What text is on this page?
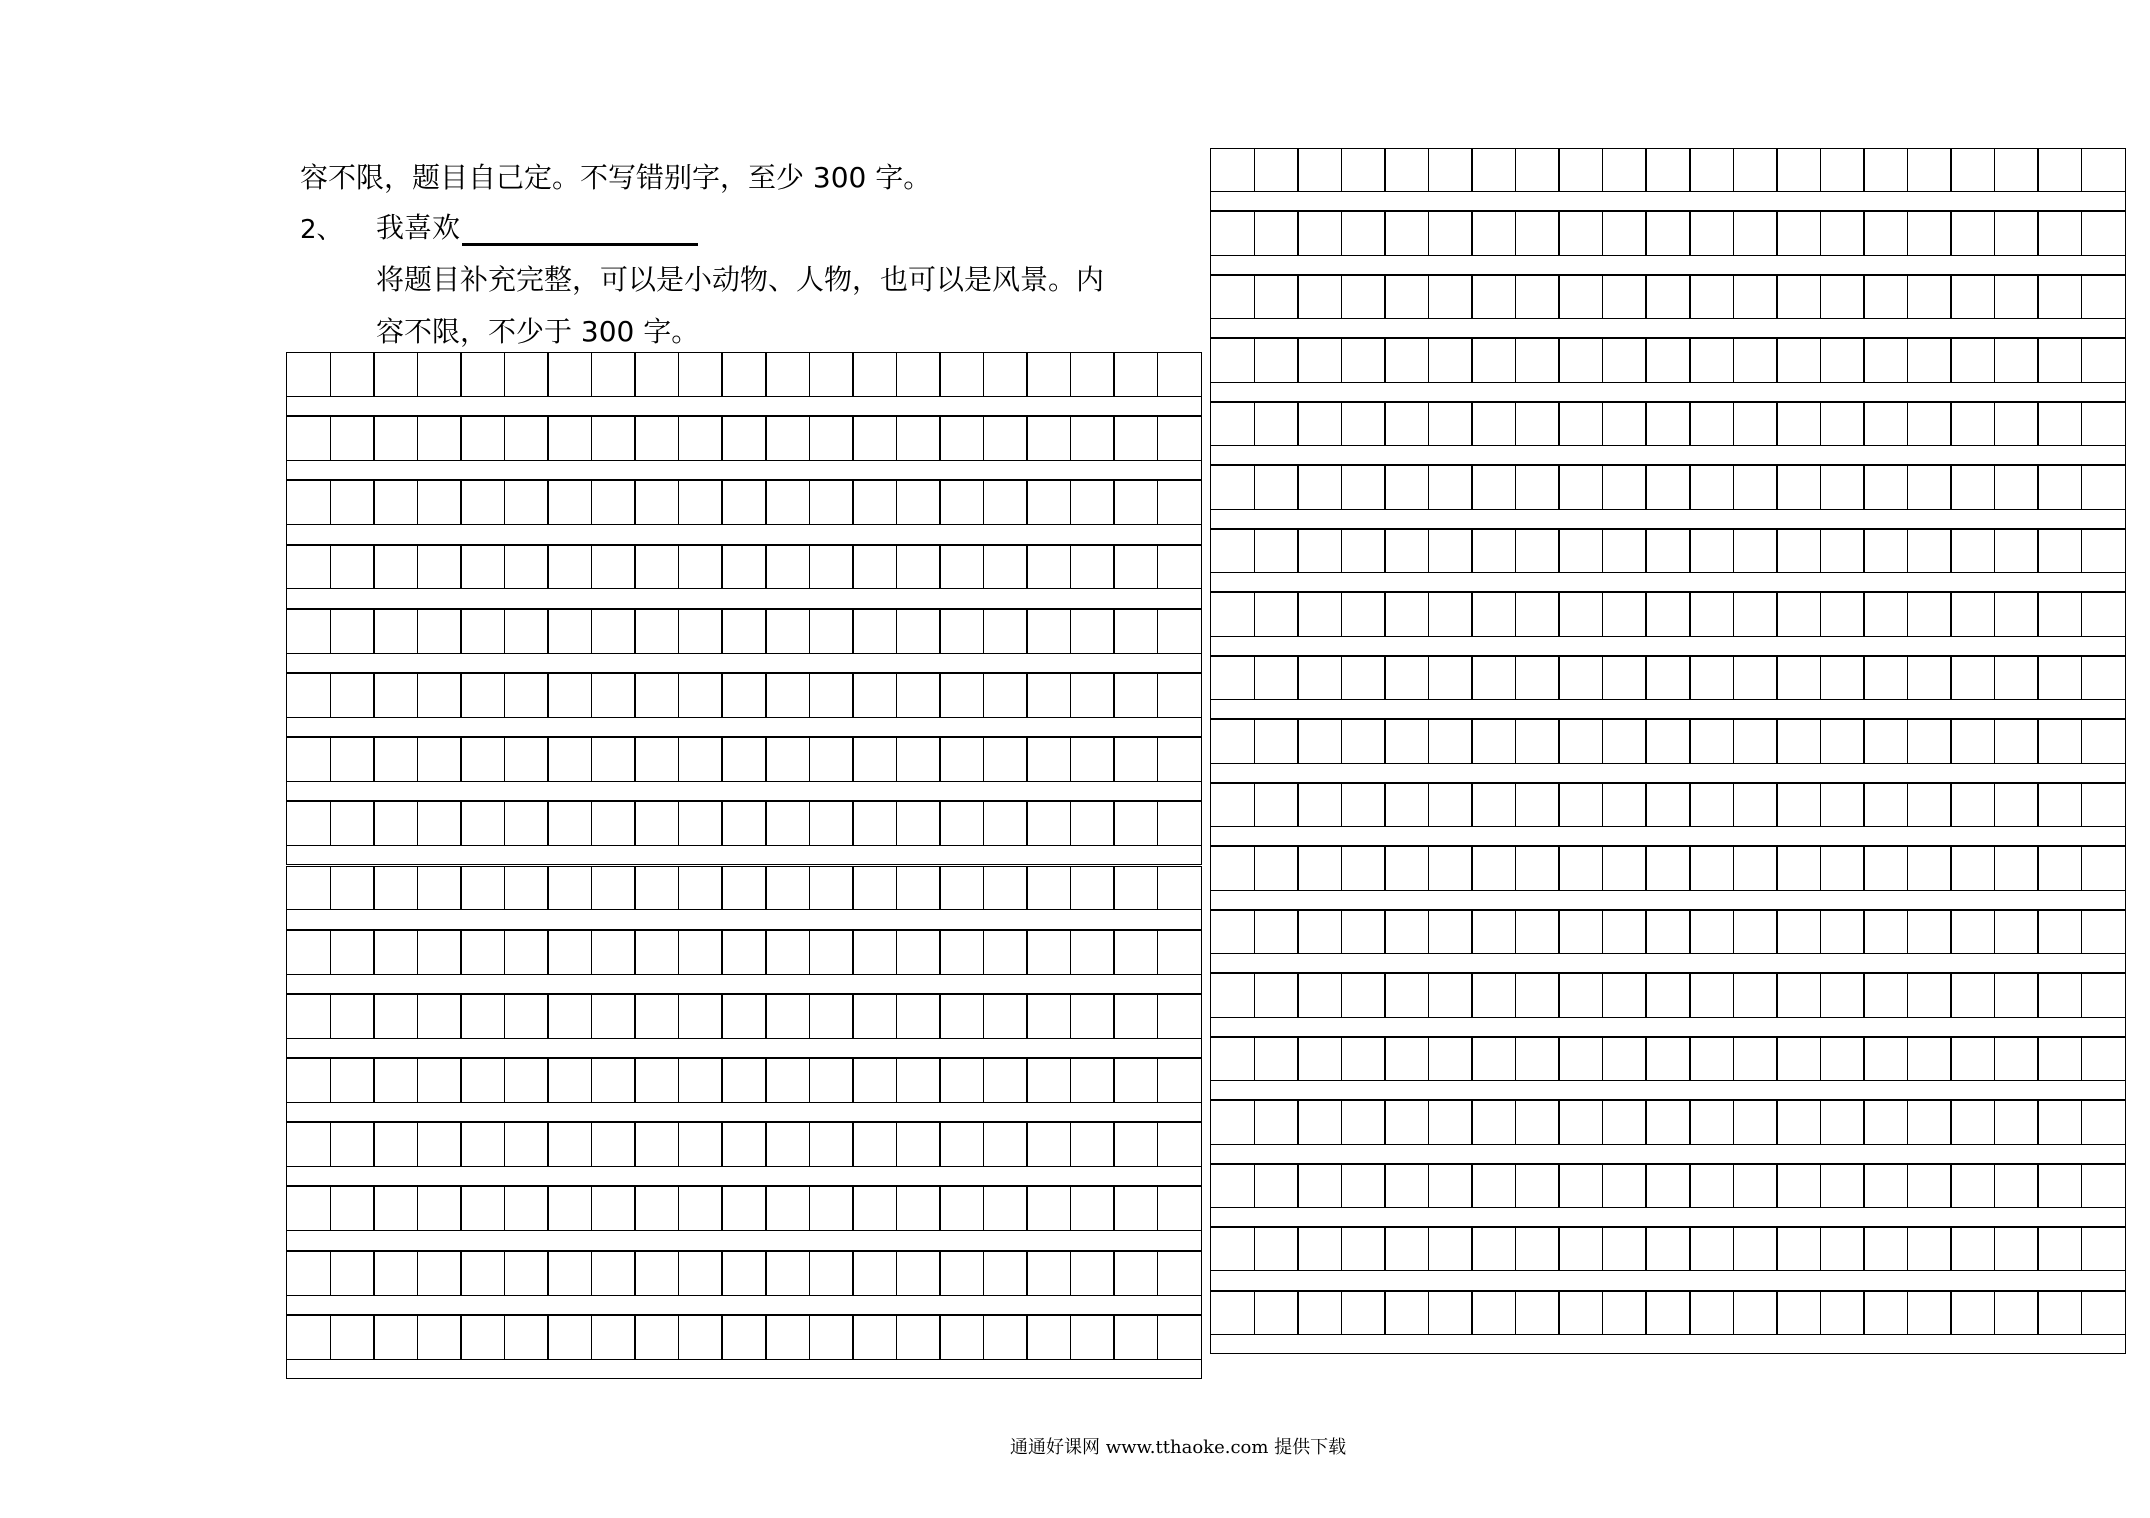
容不限，题目自己定。不写错别字，至少 300 字。
2、 我喜欢
将题目补充完整，可以是小动物、人物，也可以是风景。内
容不限，不少于 300 字。
通通好课网 www.tthaoke.com 提供下载
